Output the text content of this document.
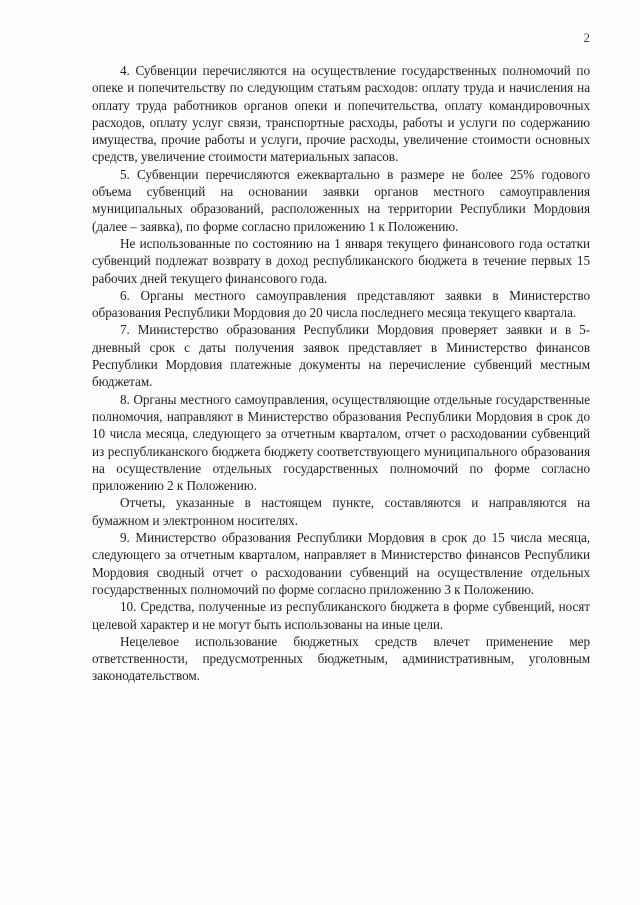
2

4. Субвенции перечисляются на осуществление государственных полномочий по опеке и попечительству по следующим статьям расходов: оплату труда и начисления на оплату труда работников органов опеки и попечительства, оплату командировочных расходов, оплату услуг связи, транспортные расходы, работы и услуги по содержанию имущества, прочие работы и услуги, прочие расходы, увеличение стоимости основных средств, увеличение стоимости материальных запасов.

5. Субвенции перечисляются ежеквартально в размере не более 25% годового объема субвенций на основании заявки органов местного самоуправления муниципальных образований, расположенных на территории Республики Мордовия (далее – заявка), по форме согласно приложению 1 к Положению.

Не использованные по состоянию на 1 января текущего финансового года остатки субвенций подлежат возврату в доход республиканского бюджета в течение первых 15 рабочих дней текущего финансового года.

6. Органы местного самоуправления представляют заявки в Министерство образования Республики Мордовия до 20 числа последнего месяца текущего квартала.

7. Министерство образования Республики Мордовия проверяет заявки и в 5-дневный срок с даты получения заявок представляет в Министерство финансов Республики Мордовия платежные документы на перечисление субвенций местным бюджетам.

8. Органы местного самоуправления, осуществляющие отдельные государственные полномочия, направляют в Министерство образования Республики Мордовия в срок до 10 числа месяца, следующего за отчетным кварталом, отчет о расходовании субвенций из республиканского бюджета бюджету соответствующего муниципального образования на осуществление отдельных государственных полномочий по форме согласно приложению 2 к Положению.

Отчеты, указанные в настоящем пункте, составляются и направляются на бумажном и электронном носителях.

9. Министерство образования Республики Мордовия в срок до 15 числа месяца, следующего за отчетным кварталом, направляет в Министерство финансов Республики Мордовия сводный отчет о расходовании субвенций на осуществление отдельных государственных полномочий по форме согласно приложению 3 к Положению.

10. Средства, полученные из республиканского бюджета в форме субвенций, носят целевой характер и не могут быть использованы на иные цели.

Нецелевое использование бюджетных средств влечет применение мер ответственности, предусмотренных бюджетным, административным, уголовным законодательством.
